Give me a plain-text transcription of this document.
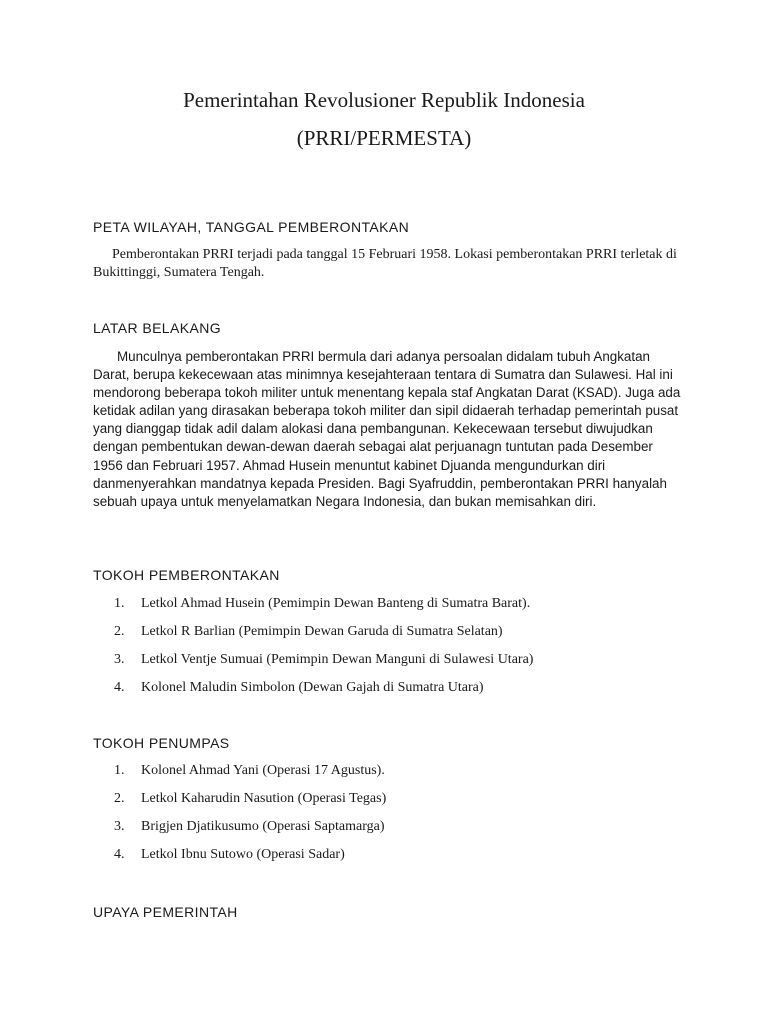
Pemerintahan Revolusioner Republik Indonesia
(PRRI/PERMESTA)
PETA WILAYAH, TANGGAL PEMBERONTAKAN

Pemberontakan PRRI terjadi pada tanggal 15 Februari 1958. Lokasi pemberontakan PRRI terletak di Bukittinggi, Sumatera Tengah.

LATAR BELAKANG

Munculnya pemberontakan PRRI bermula dari adanya persoalan didalam tubuh Angkatan Darat, berupa kekecewaan atas minimnya kesejahteraan tentara di Sumatra dan Sulawesi. Hal ini mendorong beberapa tokoh militer untuk menentang kepala staf Angkatan Darat (KSAD). Juga ada ketidak adilan yang dirasakan beberapa tokoh militer dan sipil didaerah terhadap pemerintah pusat yang dianggap tidak adil dalam alokasi dana pembangunan. Kekecewaan tersebut diwujudkan dengan pembentukan dewan-dewan daerah sebagai alat perjuanagn tuntutan pada Desember 1956 dan Februari 1957. Ahmad Husein menuntut kabinet Djuanda mengundurkan diri danmenyerahkan mandatnya kepada Presiden. Bagi Syafruddin, pemberontakan PRRI hanyalah sebuah upaya untuk menyelamatkan Negara Indonesia, dan bukan memisahkan diri.

TOKOH PEMBERONTAKAN
1. Letkol Ahmad Husein (Pemimpin Dewan Banteng di Sumatra Barat).
2. Letkol R Barlian (Pemimpin Dewan Garuda di Sumatra Selatan)
3. Letkol Ventje Sumuai (Pemimpin Dewan Manguni di Sulawesi Utara)
4. Kolonel Maludin Simbolon (Dewan Gajah di Sumatra Utara)
TOKOH PENUMPAS
1. Kolonel Ahmad Yani (Operasi 17 Agustus).
2. Letkol Kaharudin Nasution (Operasi Tegas)
3. Brigjen Djatikusumo (Operasi Saptamarga)
4. Letkol Ibnu Sutowo (Operasi Sadar)
UPAYA PEMERINTAH
